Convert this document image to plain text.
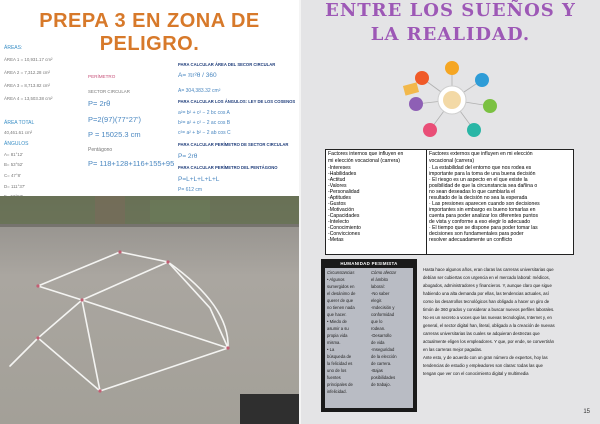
PREPA 3 EN ZONA DE
PELIGRO.
ÁREAS:
ÁREA 1 = 10,931.17 cm²
ÁREA 2 = 7,312.28 cm²
ÁREA 3 = 8,713.82 cm²
ÁREA 4 = 13,503.38 cm²
ÁREA TOTAL
40,461.61 cm²
ÁNGULOS
A= 81°12'
B= 53°52'
C= 47°8'
D= 111°37'
PERÍMETRO
SECTOR CIRCULAR
P= 2rθ
P=2(97)(77°27')
P = 15025.3 cm
Pentágono
P= 118+128+116+155+95
PARA CALCULAR ÁREA DEL SECOR CIRCULAR
A= πr²θ / 360
A= 304,383.32 cm²
PARA CALCULAR LOS ÁNGULOS: LEY DE LOS COSENOS
a²= b² + c² − 2 bc cos A
b²= a² + c² − 2 ac cos B
c²= a² + b² − 2 ab cos C
PARA CALCULAR PERÍMETRO DE SECTOR CIRCULAR
P= 2rθ
PARA CALCULAR PERÍMETRO DEL PENTÁGONO
P=L+L+L+L+L
P= 612 cm
ENTRE LOS SUEÑOS Y
LA REALIDAD.
Factores internos que influyen en
mi elección vocacional (carrera)
-Intereses
-Habilidades
-Actitud
-Valores
-Personalidad
-Aptitudes
-Gustos
-Motivación
-Capacidades
-Intelecto
-Conocimiento
-Convicciones
-Metas
Factores externos que influyen en mi elección
vocacional (carrera)
· La estabilidad del entorno que nos rodea es
importante para la toma de una buena decisión
· El riesgo es un aspecto en el que existe la
posibilidad de que la circunstancia sea dañina o
no sean deseadas lo que cambiaría el
resultado de la decisión no sea la esperada
· Las presiones aparecen cuando son decisiones
importantes sin embargo es bueno tomarlas en
cuenta para poder analizar los diferentes puntos
de vista y conforme a eso elegir lo adecuado
· El tiempo que se dispone para poder tomar las
decisiones son fundamentales para poder
resolver adecuadamente un conflicto
HUMANIDAD PESIMISTA
Circunstancias
• Algunos
sumergidos en
el desánimo de
querer de que
no tienen nada
que hacer.
• Miedo de
asumir a su
propia vida
misma.
• La
búsqueda de
la felicidad es
uno de los
fuentes
principales de
infelicidad.
Cómo afectar
el ámbito
laboral:
-No saber
elegir.
-Indecisión y
conformidad
que lo
rodean.
-Desarrollo
de vida
-Inseguridad
de la elección
de carrera.
-Bajas
posibilidades
de trabajo.
Hasta hace algunos años, eran claras las carreras universitarias que
debían ser cubiertas con urgencia en el mercado laboral: médicos,
abogados, administradores y financieros. Y, aunque claro que sigue
habiendo una alta demanda por ellas, las tendencias actuales, así
como los desarrollos tecnológicos han obligado a hacer un giro de
timón de 360 grados y considerar a buscar nuevos perfiles laborales.
No es un secreto a voces que las nuevas tecnologías, Internet y, en
general, el sector digital han, literal, obligado a la creación de nuevas
carreras universitarias las cuales se adquieran destrezas que
actualmente eligen los empleadores. Y que, por ende, se convertirán
en las carreras mejor pagadas.
Ante esto, y de acuerdo con un gran número de expertos, hoy las
tendencias de estudio y empleadores son claras: todas las que
tengan que ver con el conocimiento digital y multimedia
15
